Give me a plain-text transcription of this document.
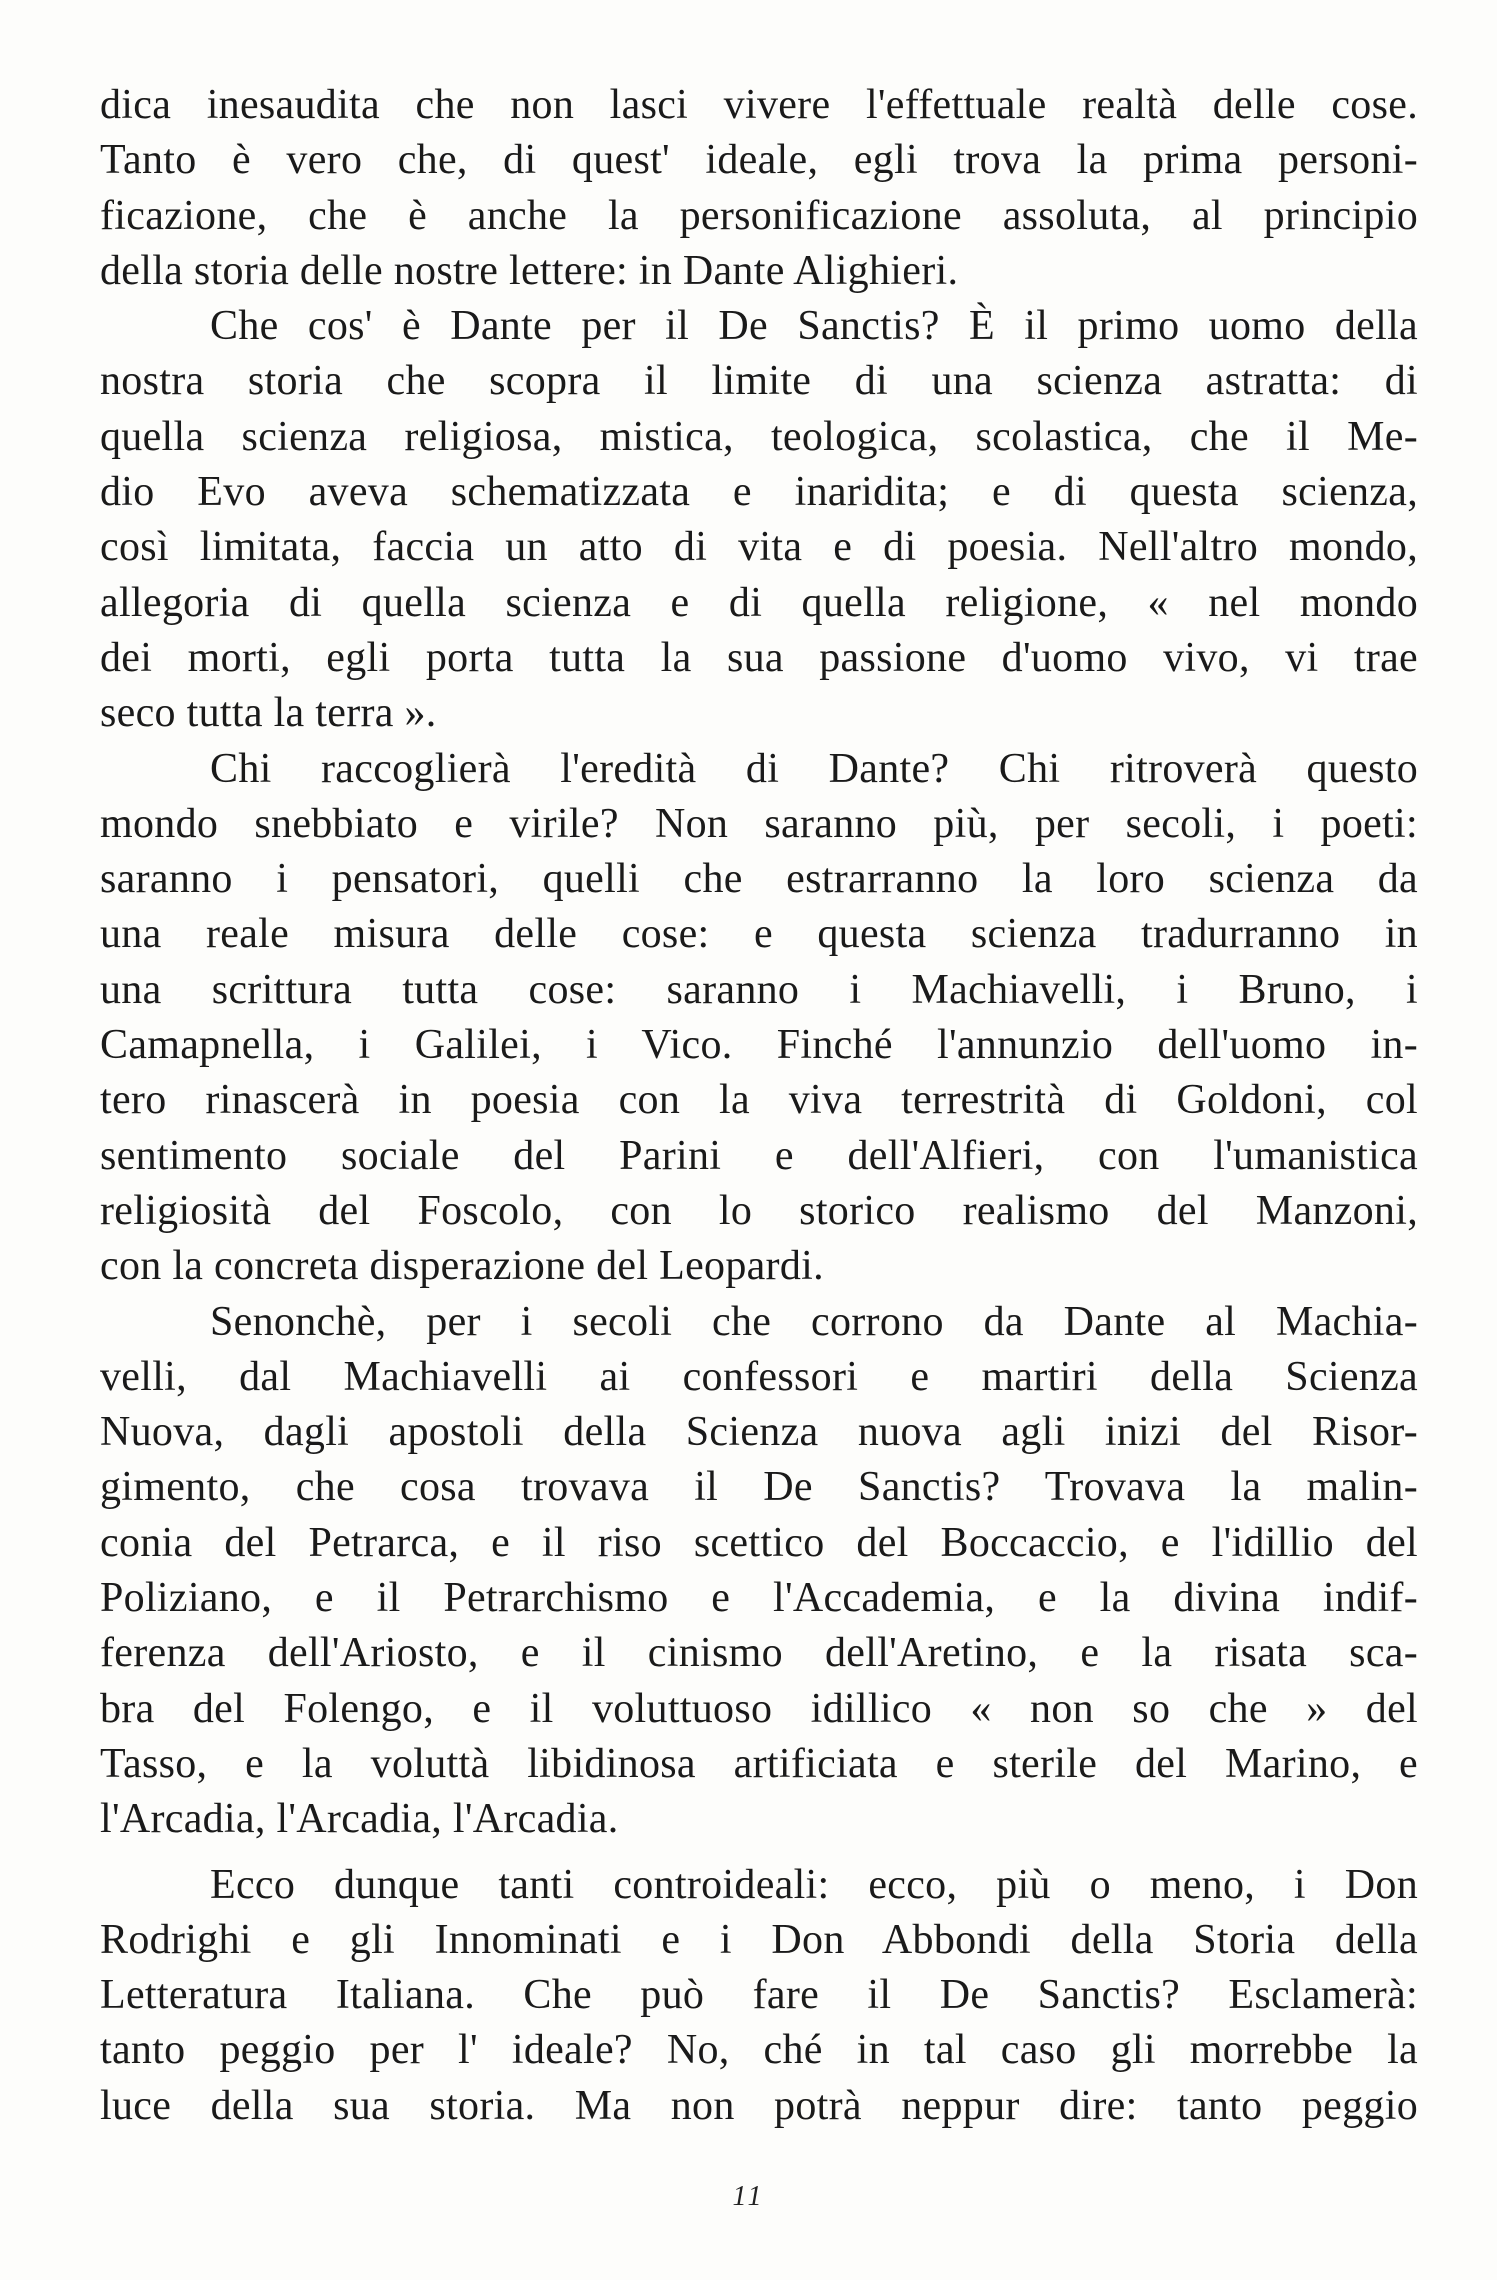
dica inesaudita che non lasci vivere l'effettuale realtà delle cose.
Tanto è vero che, di quest' ideale, egli trova la prima personi-
ficazione, che è anche la personificazione assoluta, al principio
della storia delle nostre lettere: in Dante Alighieri.
Che cos' è Dante per il De Sanctis? È il primo uomo della
nostra storia che scopra il limite di una scienza astratta: di
quella scienza religiosa, mistica, teologica, scolastica, che il Me-
dio Evo aveva schematizzata e inaridita; e di questa scienza,
così limitata, faccia un atto di vita e di poesia. Nell'altro mondo,
allegoria di quella scienza e di quella religione, « nel mondo
dei morti, egli porta tutta la sua passione d'uomo vivo, vi trae
seco tutta la terra ».
Chi raccoglierà l'eredità di Dante? Chi ritroverà questo
mondo snebbiato e virile? Non saranno più, per secoli, i poeti:
saranno i pensatori, quelli che estrarranno la loro scienza da
una reale misura delle cose: e questa scienza tradurranno in
una scrittura tutta cose: saranno i Machiavelli, i Bruno, i
Camapnella, i Galilei, i Vico. Finché l'annunzio dell'uomo in-
tero rinascerà in poesia con la viva terrestrità di Goldoni, col
sentimento sociale del Parini e dell'Alfieri, con l'umanistica
religiosità del Foscolo, con lo storico realismo del Manzoni,
con la concreta disperazione del Leopardi.
Senonchè, per i secoli che corrono da Dante al Machia-
velli, dal Machiavelli ai confessori e martiri della Scienza
Nuova, dagli apostoli della Scienza nuova agli inizi del Risor-
gimento, che cosa trovava il De Sanctis? Trovava la malin-
conia del Petrarca, e il riso scettico del Boccaccio, e l'idillio del
Poliziano, e il Petrarchismo e l'Accademia, e la divina indif-
ferenza dell'Ariosto, e il cinismo dell'Aretino, e la risata sca-
bra del Folengo, e il voluttuoso idillico « non so che » del
Tasso, e la voluttà libidinosa artificiata e sterile del Marino, e
l'Arcadia, l'Arcadia, l'Arcadia.
Ecco dunque tanti controideali: ecco, più o meno, i Don
Rodrighi e gli Innominati e i Don Abbondi della Storia della
Letteratura Italiana. Che può fare il De Sanctis? Esclamerà:
tanto peggio per l' ideale? No, ché in tal caso gli morrebbe la
luce della sua storia. Ma non potrà neppur dire: tanto peggio
11
